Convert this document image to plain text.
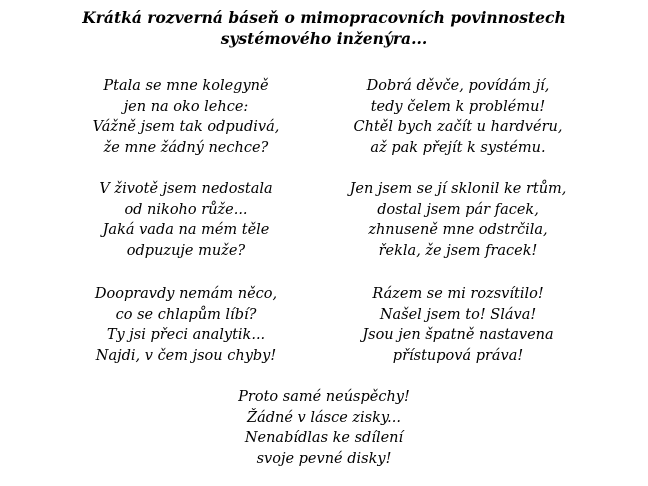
Krátká rozverná báseň o mimopracovních povinnostech
systémového inženýra...
Ptala se mne kolegyně
jen na oko lehce:
Vážně jsem tak odpudivá,
že mne žádný nechce?
Dobrá děvče, povídám jí,
tedy čelem k problému!
Chtěl bych začít u hardvéru,
až pak přejít k systému.
V životě jsem nedostala
od nikoho růže...
Jaká vada na mém těle
odpuzuje muže?
Jen jsem se jí sklonil ke rtům,
dostal jsem pár facek,
zhnuseně mne odstrčila,
řekla, že jsem fracek!
Doopravdy nemám něco,
co se chlapům líbí?
Ty jsi přeci analytik...
Najdi, v čem jsou chyby!
Rázem se mi rozsvítilo!
Našel jsem to! Sláva!
Jsou jen špatně nastavena
přístupová práva!
Proto samé neúspěchy!
Žádné v lásce zisky...
Nenabídlas ke sdílení
svoje pevné disky!
